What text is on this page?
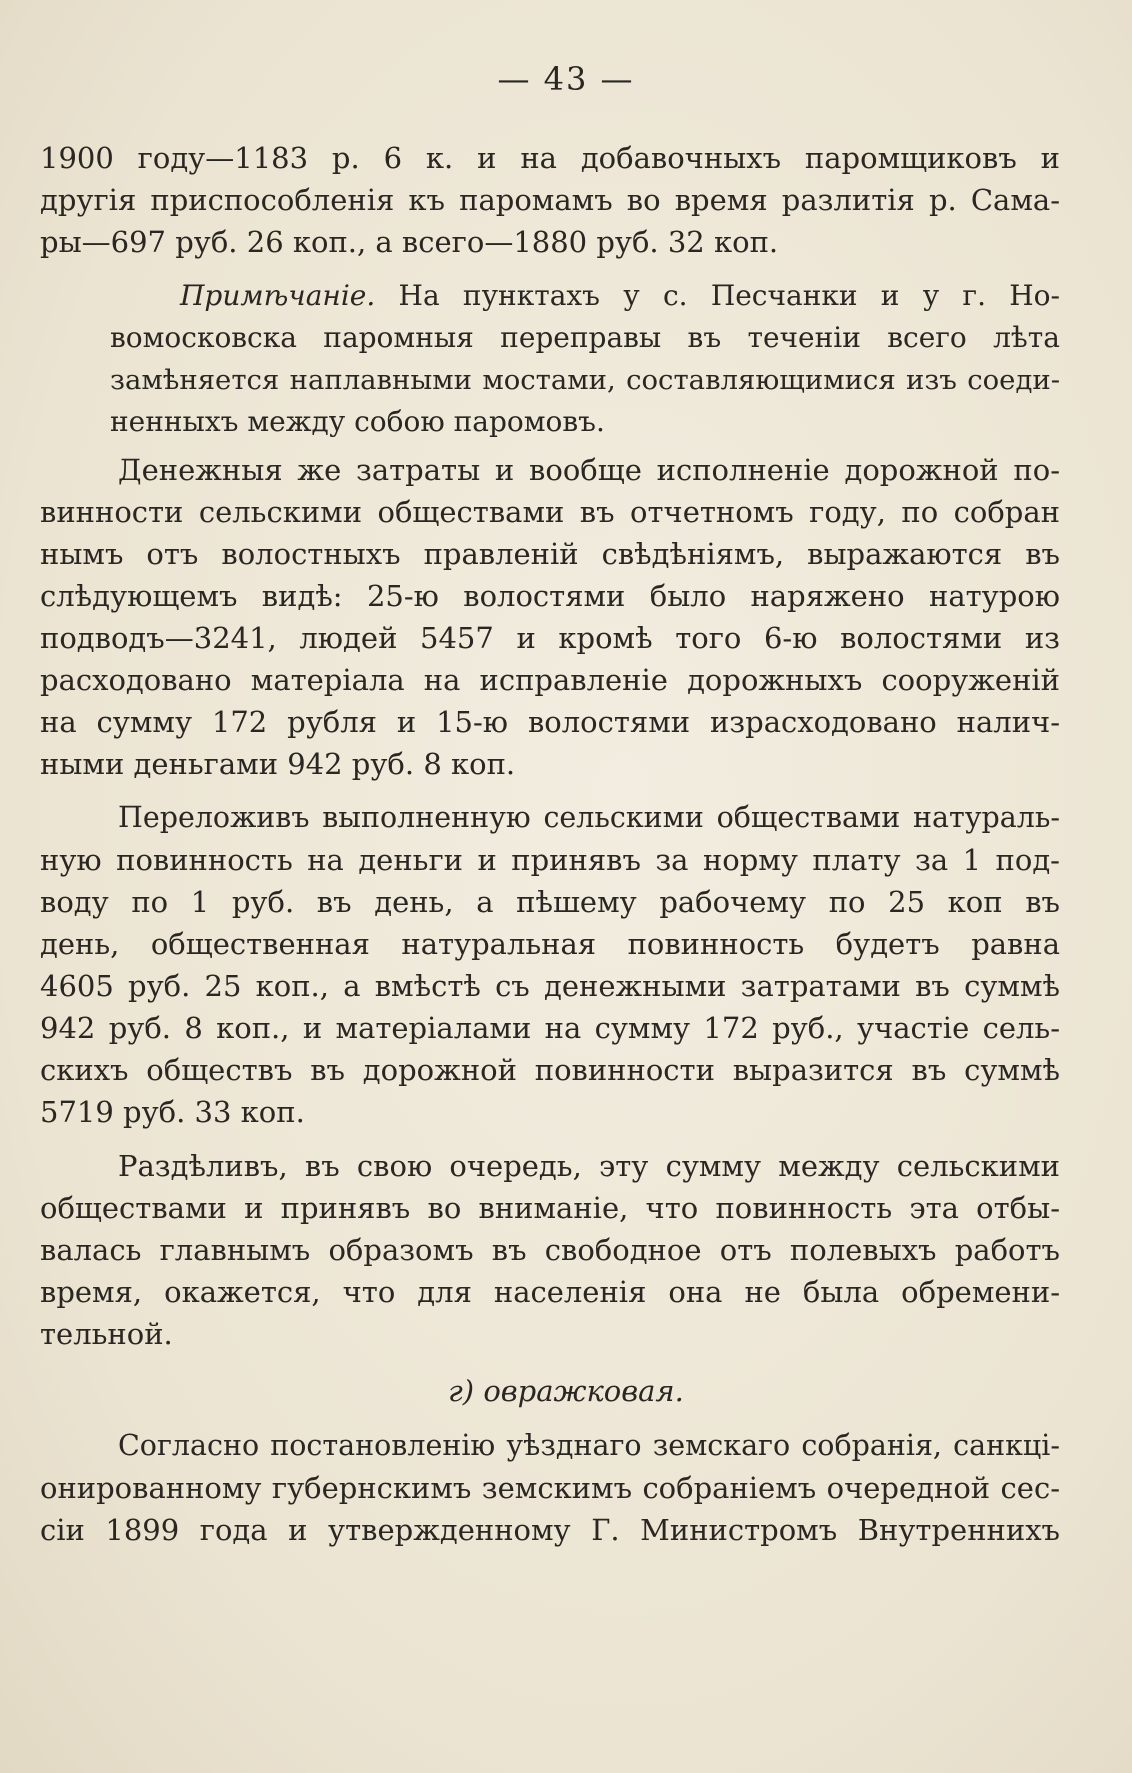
— 43 —
1900 году—1183 р. 6 к. и на добавочныхъ паромщиковъ и
другія приспособленія къ паромамъ во время разлитія р. Сама-
ры—697 руб. 26 коп., а всего—1880 руб. 32 коп.
Примѣчаніе. На пунктахъ у с. Песчанки и у г. Но-
вомосковска паромныя переправы въ теченіи всего лѣта
замѣняется наплавными мостами, составляющимися изъ соеди-
ненныхъ между собою паромовъ.
Денежныя же затраты и вообще исполненіе дорожной по-
винности сельскими обществами въ отчетномъ году, по собран
нымъ отъ волостныхъ правленій свѣдѣніямъ, выражаются въ
слѣдующемъ видѣ: 25-ю волостями было наряжено натурою
подводъ—3241, людей 5457 и кромѣ того 6-ю волостями из
расходовано матеріала на исправленіе дорожныхъ сооруженій
на сумму 172 рубля и 15-ю волостями израсходовано налич-
ными деньгами 942 руб. 8 коп.
Переложивъ выполненную сельскими обществами натураль-
ную повинность на деньги и принявъ за норму плату за 1 под-
воду по 1 руб. въ день, а пѣшему рабочему по 25 коп въ
день, общественная натуральная повинность будетъ равна
4605 руб. 25 коп., а вмѣстѣ съ денежными затратами въ суммѣ
942 руб. 8 коп., и матеріалами на сумму 172 руб., участіе сель-
скихъ обществъ въ дорожной повинности выразится въ суммѣ
5719 руб. 33 коп.
Раздѣливъ, въ свою очередь, эту сумму между сельскими
обществами и принявъ во вниманіе, что повинность эта отбы-
валась главнымъ образомъ въ свободное отъ полевыхъ работъ
время, окажется, что для населенія она не была обремени-
тельной.
г) овражковая.
Согласно постановленію уѣзднаго земскаго собранія, санкці-
онированному губернскимъ земскимъ собраніемъ очередной сес-
сіи 1899 года и утвержденному Г. Министромъ Внутреннихъ
